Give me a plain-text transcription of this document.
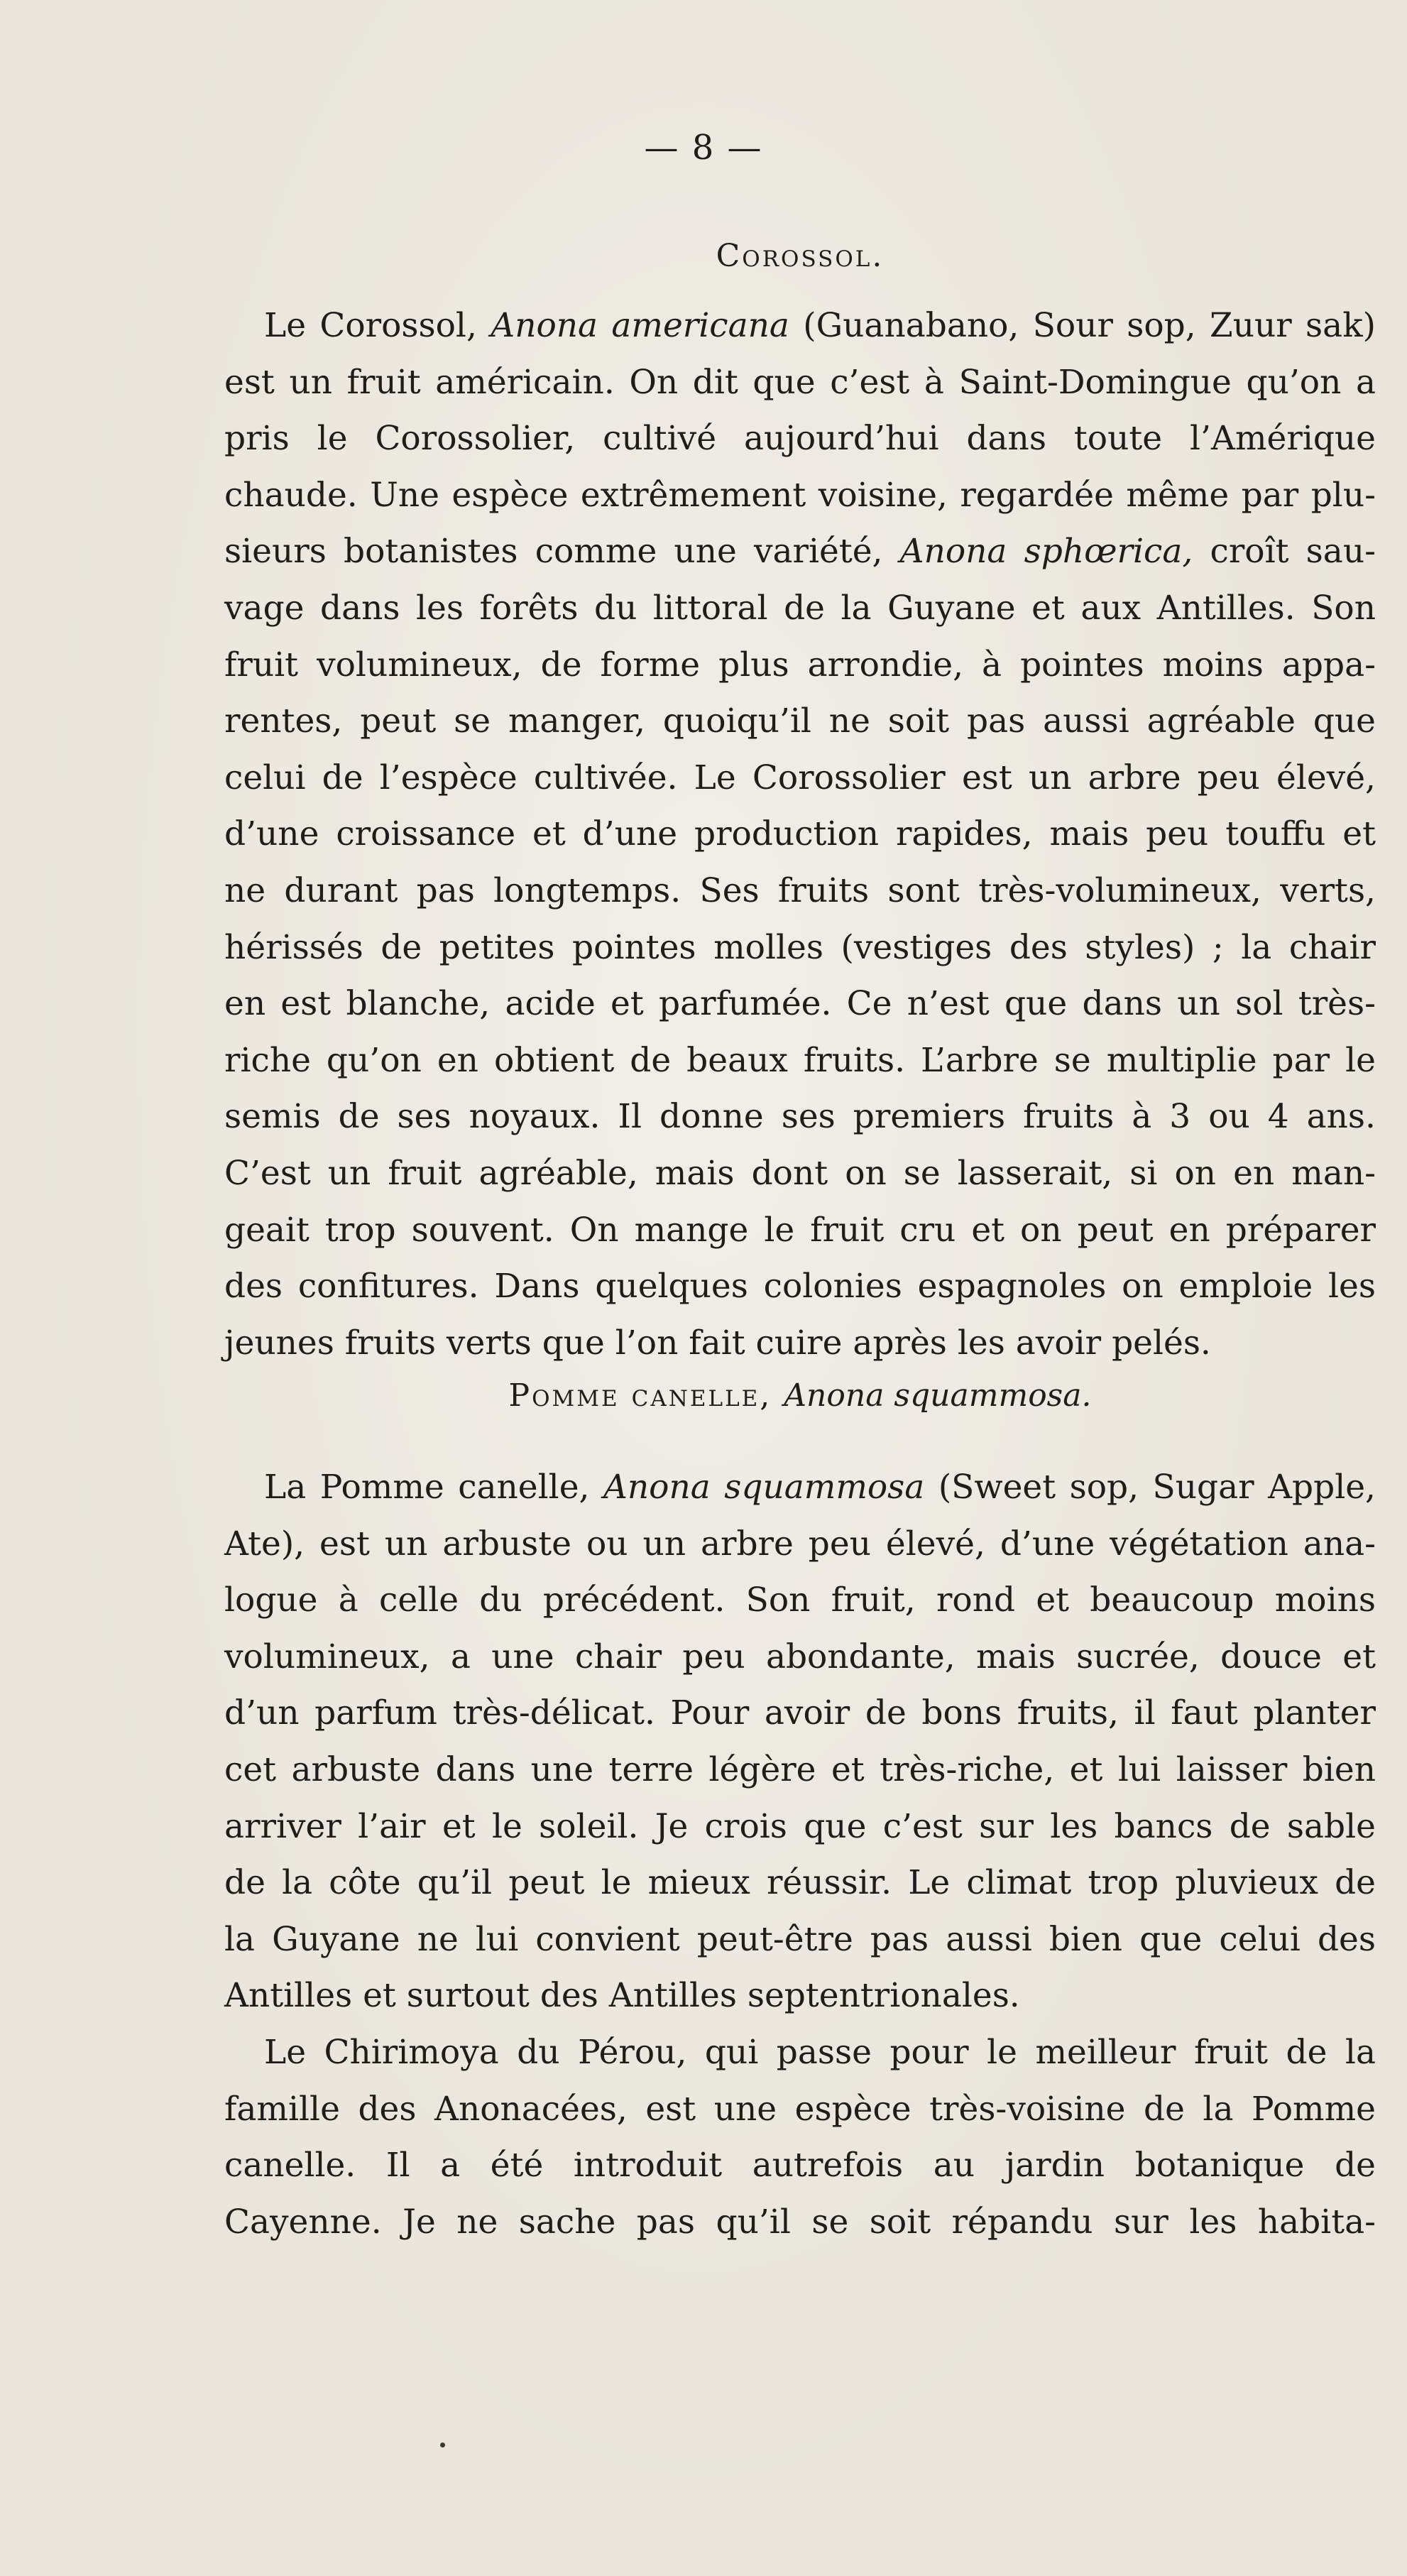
— 8 —
Corossol.
Le Corossol, Anona americana (Guanabano, Sour sop, Zuur sak)
est un fruit américain. On dit que c’est à Saint-Domingue qu’on a
pris le Corossolier, cultivé aujourd’hui dans toute l’Amérique
chaude. Une espèce extrêmement voisine, regardée même par plu-
sieurs botanistes comme une variété, Anona sphœrica, croît sau-
vage dans les forêts du littoral de la Guyane et aux Antilles. Son
fruit volumineux, de forme plus arrondie, à pointes moins appa-
rentes, peut se manger, quoiqu’il ne soit pas aussi agréable que
celui de l’espèce cultivée. Le Corossolier est un arbre peu élevé,
d’une croissance et d’une production rapides, mais peu touffu et
ne durant pas longtemps. Ses fruits sont très-volumineux, verts,
hérissés de petites pointes molles (vestiges des styles) ; la chair
en est blanche, acide et parfumée. Ce n’est que dans un sol très-
riche qu’on en obtient de beaux fruits. L’arbre se multiplie par le
semis de ses noyaux. Il donne ses premiers fruits à 3 ou 4 ans.
C’est un fruit agréable, mais dont on se lasserait, si on en man-
geait trop souvent. On mange le fruit cru et on peut en préparer
des confitures. Dans quelques colonies espagnoles on emploie les
jeunes fruits verts que l’on fait cuire après les avoir pelés.
Pomme canelle, Anona squammosa.
La Pomme canelle, Anona squammosa (Sweet sop, Sugar Apple,
Ate), est un arbuste ou un arbre peu élevé, d’une végétation ana-
logue à celle du précédent. Son fruit, rond et beaucoup moins
volumineux, a une chair peu abondante, mais sucrée, douce et
d’un parfum très-délicat. Pour avoir de bons fruits, il faut planter
cet arbuste dans une terre légère et très-riche, et lui laisser bien
arriver l’air et le soleil. Je crois que c’est sur les bancs de sable
de la côte qu’il peut le mieux réussir. Le climat trop pluvieux de
la Guyane ne lui convient peut-être pas aussi bien que celui des
Antilles et surtout des Antilles septentrionales.
Le Chirimoya du Pérou, qui passe pour le meilleur fruit de la
famille des Anonacées, est une espèce très-voisine de la Pomme
canelle. Il a été introduit autrefois au jardin botanique de
Cayenne. Je ne sache pas qu’il se soit répandu sur les habita-
